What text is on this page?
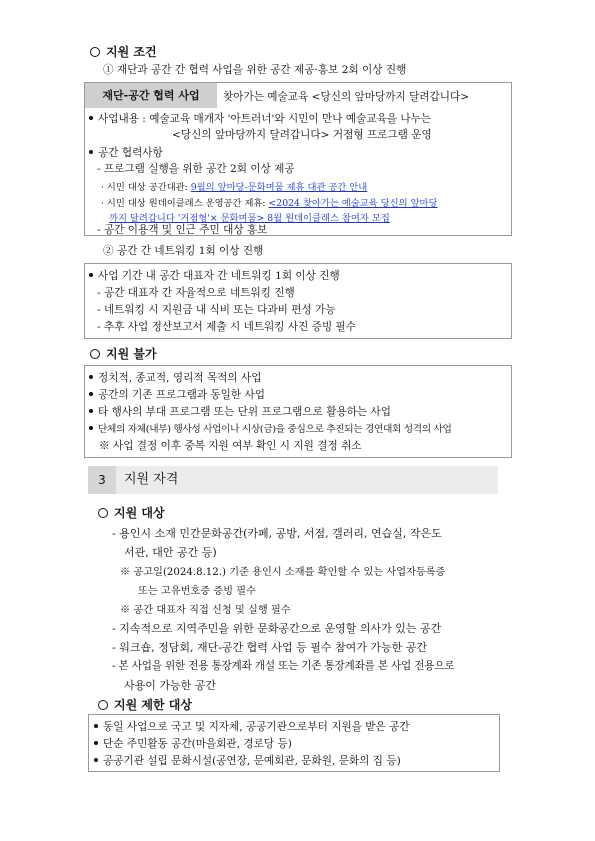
지원 조건
① 재단과 공간 간 협력 사업을 위한 공간 제공·홍보 2회 이상 진행
재단-공간 협력 사업	찾아가는 예술교육 <당신의 앞마당까지 달려갑니다>
사업내용 : 예술교육 매개자 '아트러너'와 시민이 만나 예술교육을 나누는
<당신의 앞마당까지 달려갑니다> 거점형 프로그램 운영
공간 협력사항
- 프로그램 실행을 위한 공간 2회 이상 제공
· 시민 대상 공간대관: 9월의 앞마당-문화며뭄 제휴 대관 공간 안내
· 시민 대상 원데이클래스 운영공간 제휴: <2024 찾아가는 예술교육 당신의 앞마당
까지 달려갑니다 '거점형'× 문화며뭄> 8월 원데이클래스 참여자 모집
- 공간 이용객 및 인근 주민 대상 홍보
② 공간 간 네트워킹 1회 이상 진행
사업 기간 내 공간 대표자 간 네트워킹 1회 이상 진행
- 공간 대표자 간 자율적으로 네트워킹 진행
- 네트워킹 시 지원금 내 식비 또는 다과비 편성 가능
- 추후 사업 정산보고서 제출 시 네트워킹 사진 증빙 필수
지원 불가
정치적, 종교적, 영리적 목적의 사업
공간의 기존 프로그램과 동일한 사업
타 행사의 부대 프로그램 또는 단위 프로그램으로 활용하는 사업
단체의 자체(내부) 행사성 사업이나 시상(금)을 중심으로 추진되는 경연대회 성격의 사업
※ 사업 결정 이후 중복 지원 여부 확인 시 지원 결정 취소
3	지원 자격
지원 대상
- 용인시 소재 민간문화공간(카페, 공방, 서점, 갤러리, 연습실, 작은도
서관, 대안 공간 등)
※ 공고일(2024.8.12.) 기준 용인시 소재를 확인할 수 있는 사업자등록증
또는 고유번호증 증빙 필수
※ 공간 대표자 직접 신청 및 실행 필수
- 지속적으로 지역주민을 위한 문화공간으로 운영할 의사가 있는 공간
- 워크숍, 정담회, 재단-공간 협력 사업 등 필수 참여가 가능한 공간
- 본 사업을 위한 전용 통장계좌 개설 또는 기존 통장계좌를 본 사업 전용으로
사용이 가능한 공간
지원 제한 대상
동일 사업으로 국고 및 지자체, 공공기관으로부터 지원을 받은 공간
단순 주민활동 공간(마을회관, 경로당 등)
공공기관 설립 문화시설(공연장, 문예회관, 문화원, 문화의 집 등)
